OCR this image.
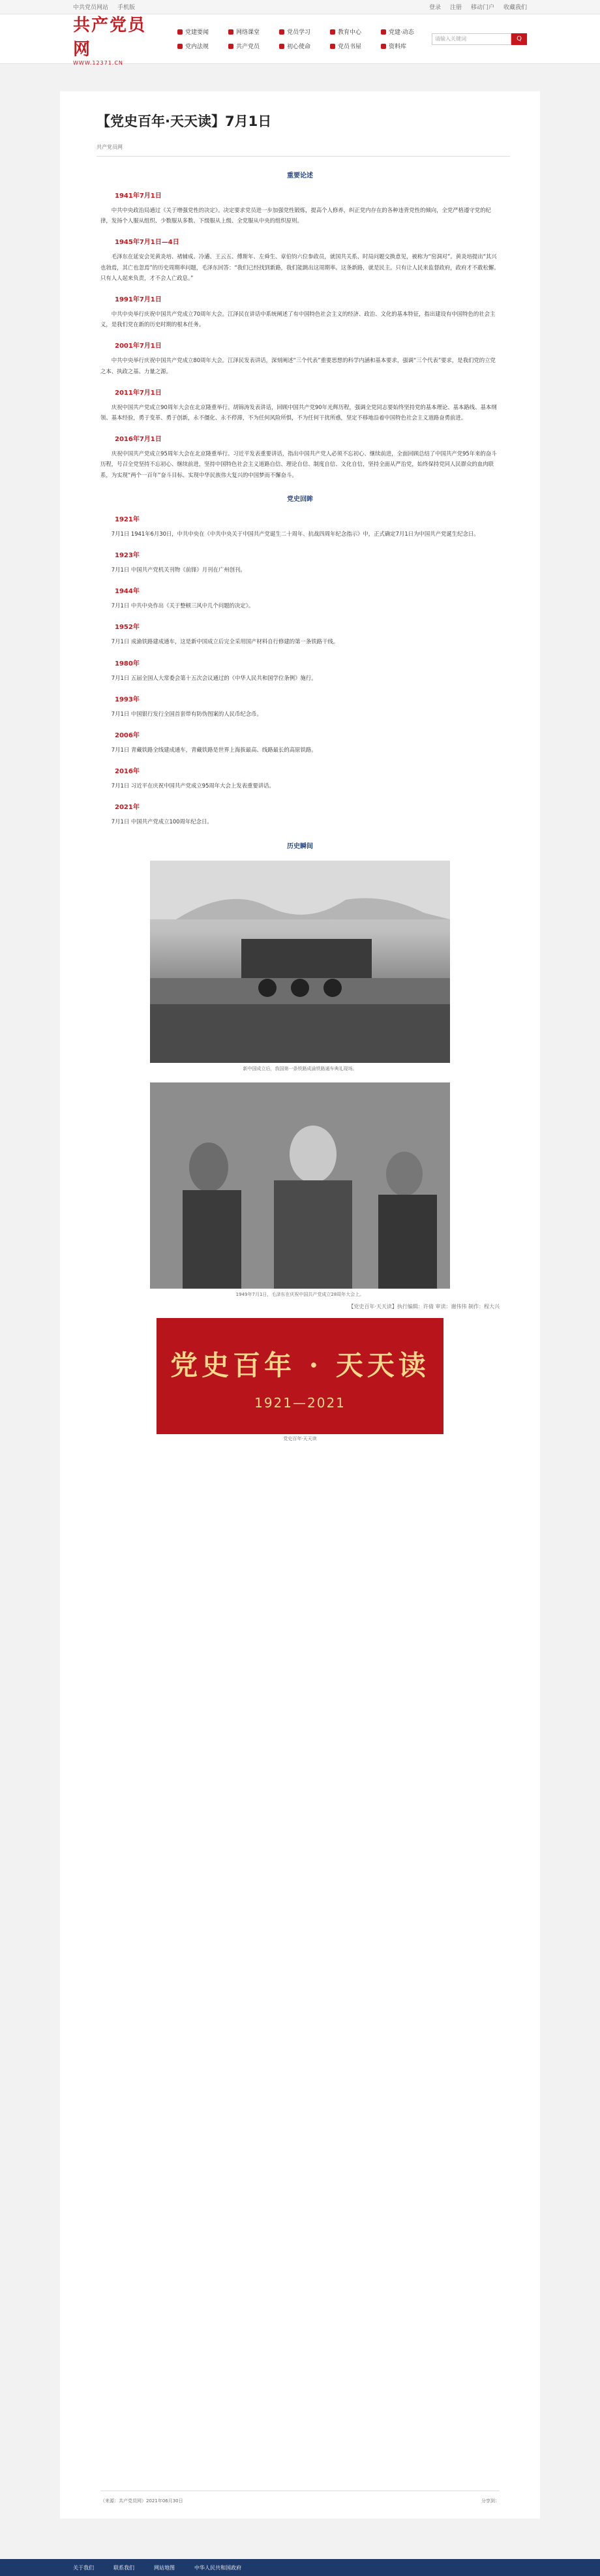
中共党员网站 手机版	登录 注册 移动门户 收藏我们
共产党员网
WWW.12371.CN
党建要闻	网络课堂	党员学习	教育中心	党建·动态
党内法规	共产党员	初心使命	党员书屋	资料库
请输入关键词	Q
【党史百年·天天读】7月1日
共产党员网
重要论述
1941年7月1日

中共中央政治局通过《关于增强党性的决定》。决定要求党员进一步加强党性锻炼，提高个人修养，纠正党内存在的各种违背党性的倾向，全党严格遵守党的纪律，发扬个人服从组织、少数服从多数、下级服从上级、全党服从中央的组织原则。

1945年7月1日—4日

毛泽东在延安会见黄炎培、褚辅成、冷遹、王云五、傅斯年、左舜生、章伯钧六位参政员，就国共关系、时局问题交换意见，被称为“窑洞对”。黄炎培提出“其兴也勃焉，其亡也忽焉”的历史周期率问题，毛泽东回答：“我们已经找到新路，我们能跳出这周期率。这条新路，就是民主。只有让人民来监督政府，政府才不敢松懈。只有人人起来负责，才不会人亡政息。”

1991年7月1日

中共中央举行庆祝中国共产党成立70周年大会。江泽民在讲话中系统阐述了有中国特色社会主义的经济、政治、文化的基本特征，指出建设有中国特色的社会主义，是我们党在新的历史时期的根本任务。

2001年7月1日

中共中央举行庆祝中国共产党成立80周年大会。江泽民发表讲话，深刻阐述“三个代表”重要思想的科学内涵和基本要求，强调“三个代表”要求，是我们党的立党之本、执政之基、力量之源。

2011年7月1日

庆祝中国共产党成立90周年大会在北京隆重举行。胡锦涛发表讲话，回顾中国共产党90年光辉历程，强调全党同志要始终坚持党的基本理论、基本路线、基本纲领、基本经验，勇于变革、勇于创新，永不僵化、永不停滞，不为任何风险所惧，不为任何干扰所惑，坚定不移地沿着中国特色社会主义道路奋勇前进。

2016年7月1日

庆祝中国共产党成立95周年大会在北京隆重举行。习近平发表重要讲话，指出中国共产党人必须不忘初心、继续前进，全面回顾总结了中国共产党95年来的奋斗历程，号召全党坚持不忘初心、继续前进，坚持中国特色社会主义道路自信、理论自信、制度自信、文化自信，坚持全面从严治党，始终保持党同人民群众的血肉联系，为实现“两个一百年”奋斗目标、实现中华民族伟大复兴的中国梦而不懈奋斗。

党史回眸
1921年

7月1日 1941年6月30日，中共中央在《中共中央关于中国共产党诞生二十周年、抗战四周年纪念指示》中，正式确定7月1日为中国共产党诞生纪念日。

1923年

7月1日 中国共产党机关刊物《前锋》月刊在广州创刊。

1944年

7月1日 中共中央作出《关于整顿三风中几个问题的决定》。

1952年

7月1日 成渝铁路建成通车，这是新中国成立后完全采用国产材料自行修建的第一条铁路干线。

1980年

7月1日 五届全国人大常委会第十五次会议通过的《中华人民共和国学位条例》施行。

1993年

7月1日 中国银行发行全国首套带有防伪图案的人民币纪念币。

2006年

7月1日 青藏铁路全线建成通车，青藏铁路是世界上海拔最高、线路最长的高原铁路。

2016年

7月1日 习近平在庆祝中国共产党成立95周年大会上发表重要讲话。

2021年

7月1日 中国共产党成立100周年纪念日。

历史瞬间
新中国成立后，我国第一条铁路成渝铁路通车典礼现场。
1949年7月1日，毛泽东在庆祝中国共产党成立28周年大会上。
【党史百年·天天读】执行编辑：许倩 审读：谢伟伟 制作：程大兴
党史百年 · 天天读
1921—2021
党史百年·天天读
（来源：共产党员网）2021年06月30日	分享到：
关于我们	联系我们	网站地图	中华人民共和国政府
